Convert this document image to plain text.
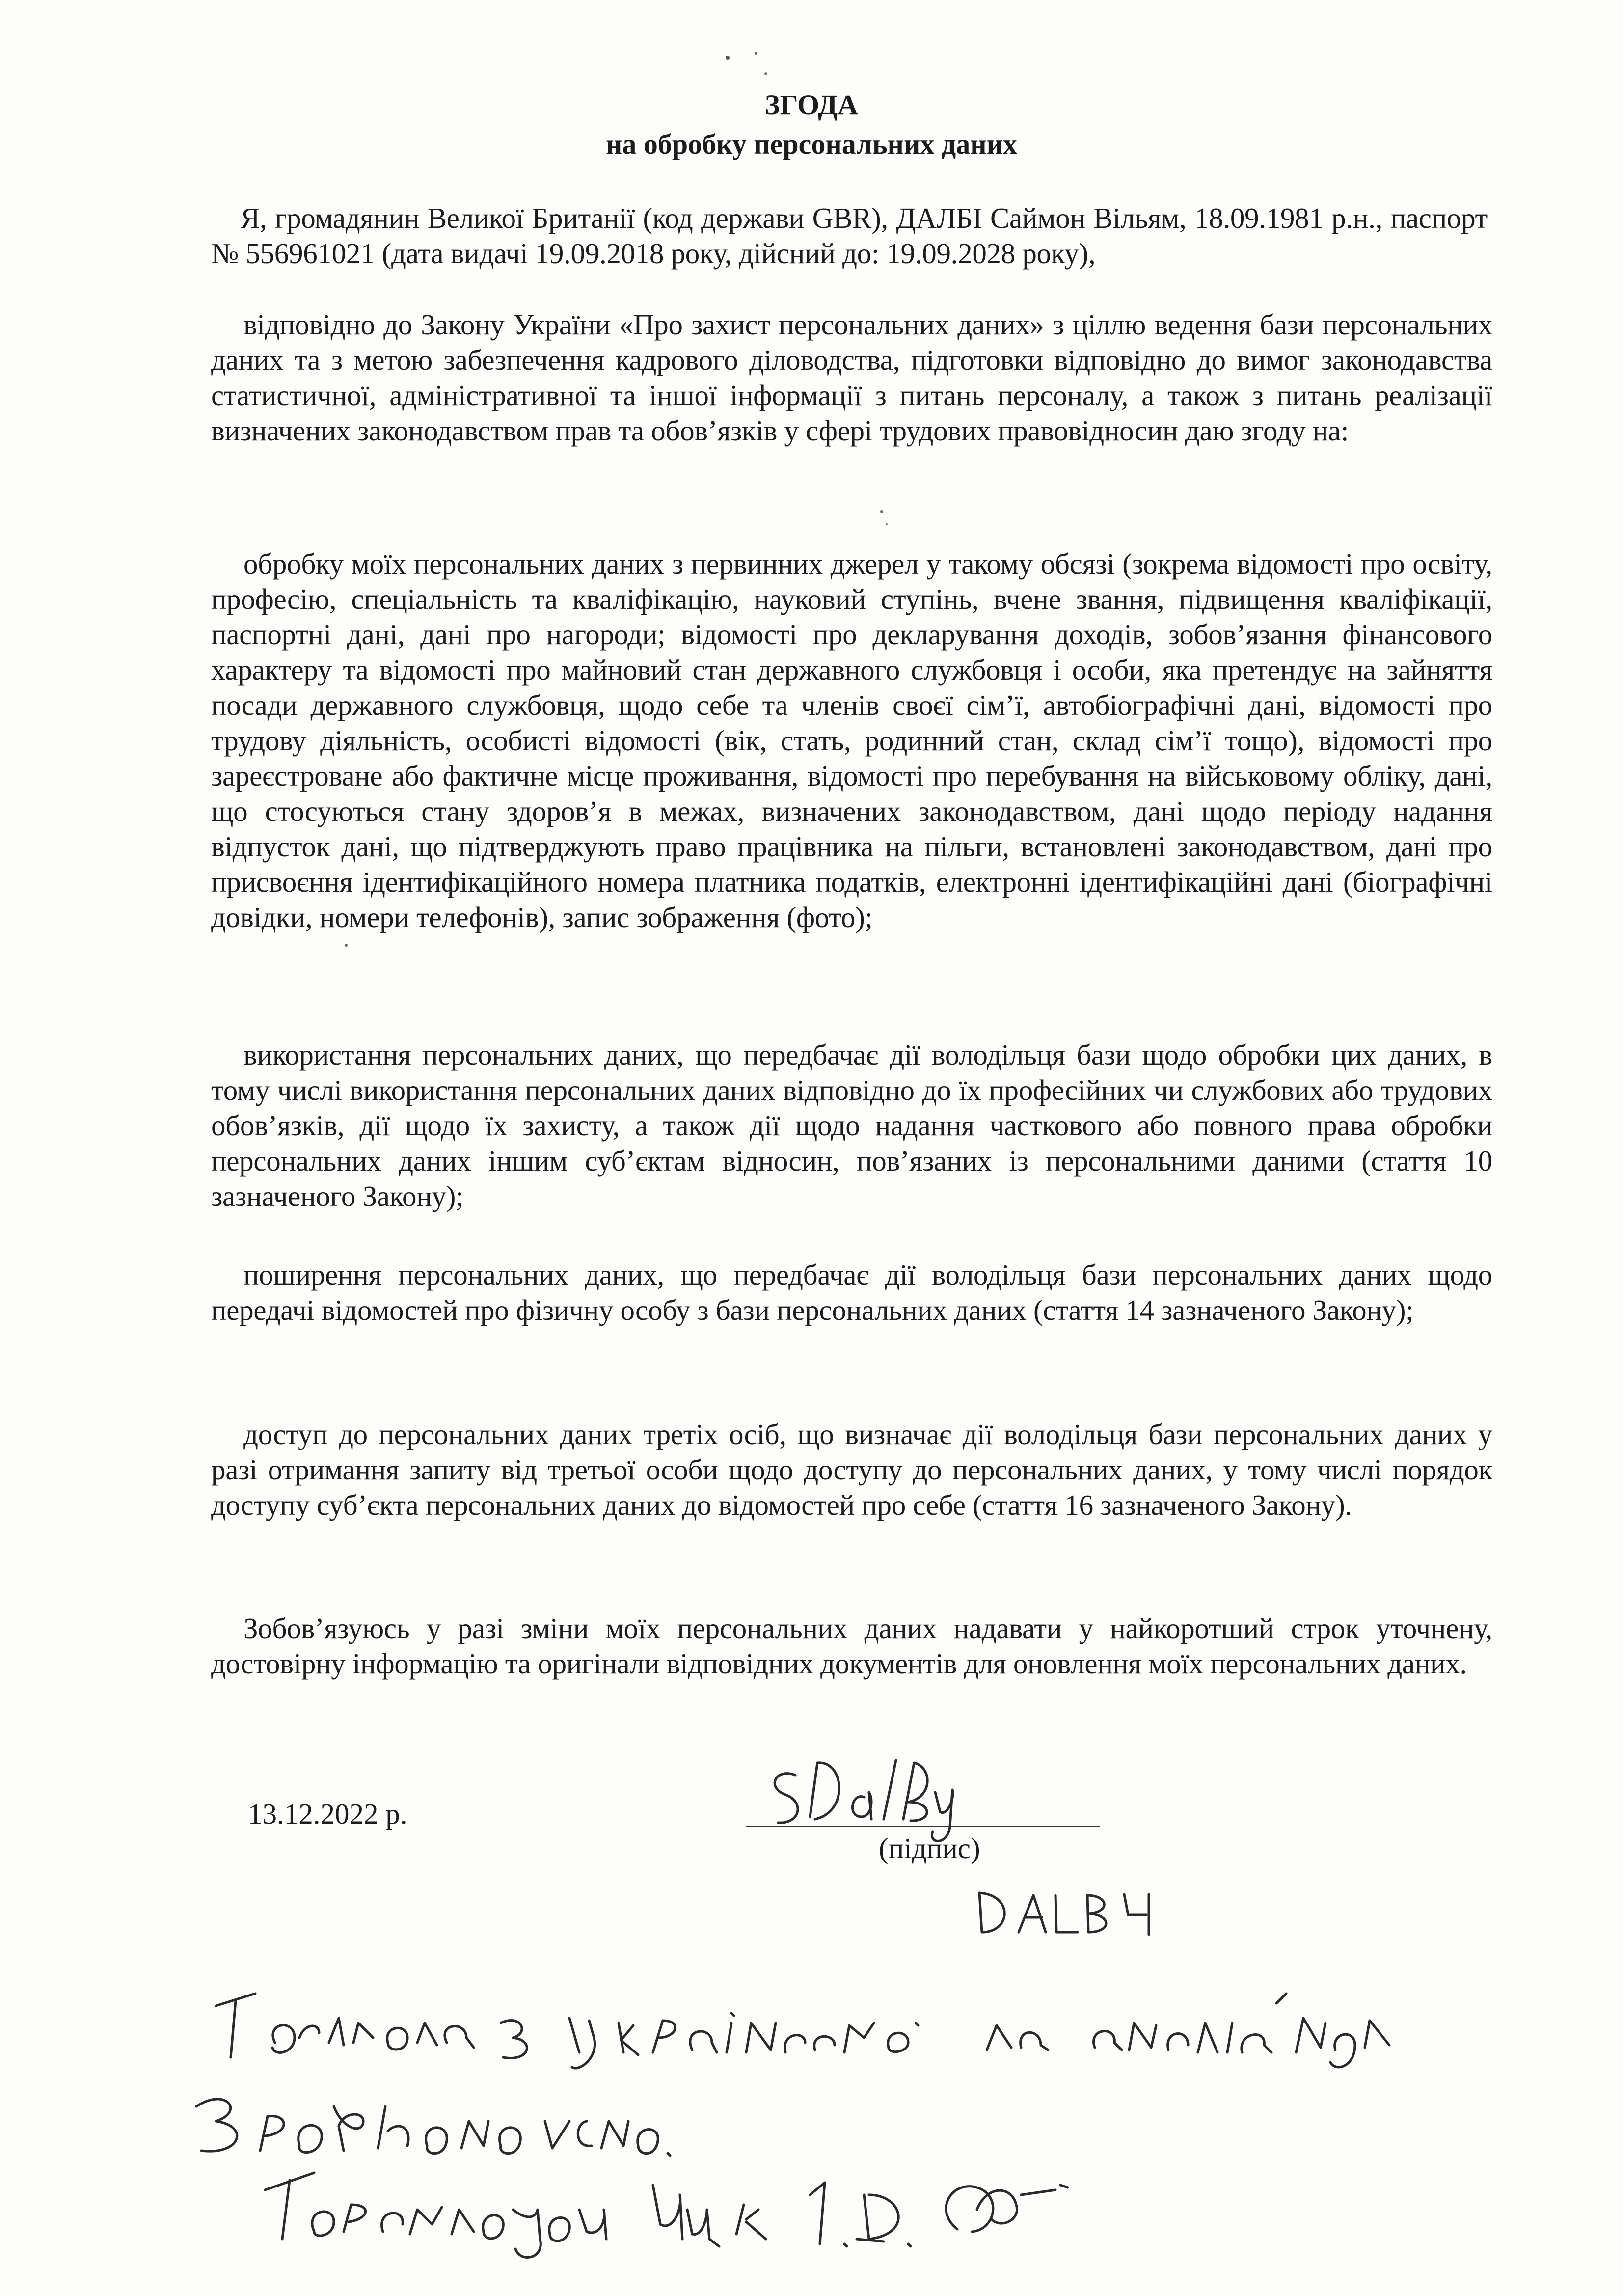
ЗГОДА
на обробку персональних даних

Я, громадянин Великої Британії (код держави GBR), ДАЛБІ Саймон Вільям, 18.09.1981 р.н., паспорт № 556961021 (дата видачі 19.09.2018 року, дійсний до: 19.09.2028 року),

відповідно до Закону України «Про захист персональних даних» з ціллю ведення бази персональних даних та з метою забезпечення кадрового діловодства, підготовки відповідно до вимог законодавства статистичної, адміністративної та іншої інформації з питань персоналу, а також з питань реалізації визначених законодавством прав та обов’язків у сфері трудових правовідносин даю згоду на:

обробку моїх персональних даних з первинних джерел у такому обсязі (зокрема відомості про освіту, професію, спеціальність та кваліфікацію, науковий ступінь, вчене звання, підвищення кваліфікації, паспортні дані, дані про нагороди; відомості про декларування доходів, зобов’язання фінансового характеру та відомості про майновий стан державного службовця і особи, яка претендує на зайняття посади державного службовця, щодо себе та членів своєї сім’ї, автобіографічні дані, відомості про трудову діяльність, особисті відомості (вік, стать, родинний стан, склад сім’ї тощо), відомості про зареєстроване або фактичне місце проживання, відомості про перебування на військовому обліку, дані, що стосуються стану здоров’я в межах, визначених законодавством, дані щодо періоду надання відпусток дані, що підтверджують право працівника на пільги, встановлені законодавством, дані про присвоєння ідентифікаційного номера платника податків, електронні ідентифікаційні дані (біографічні довідки, номери телефонів), запис зображення (фото);

використання персональних даних, що передбачає дії володільця бази щодо обробки цих даних, в тому числі використання персональних даних відповідно до їх професійних чи службових або трудових обов’язків, дії щодо їх захисту, а також дії щодо надання часткового або повного права обробки персональних даних іншим суб’єктам відносин, пов’язаних із персональними даними (стаття 10 зазначеного Закону);

поширення персональних даних, що передбачає дії володільця бази персональних даних щодо передачі відомостей про фізичну особу з бази персональних даних (стаття 14 зазначеного Закону);

доступ до персональних даних третіх осіб, що визначає дії володільця бази персональних даних у разі отримання запиту від третьої особи щодо доступу до персональних даних, у тому числі порядок доступу суб’єкта персональних даних до відомостей про себе (стаття 16 зазначеного Закону).

Зобов’язуюсь у разі зміни моїх персональних даних надавати у найкоротший строк уточнену, достовірну інформацію та оригінали відповідних документів для оновлення моїх персональних даних.

13.12.2022 р.

(підпис)
